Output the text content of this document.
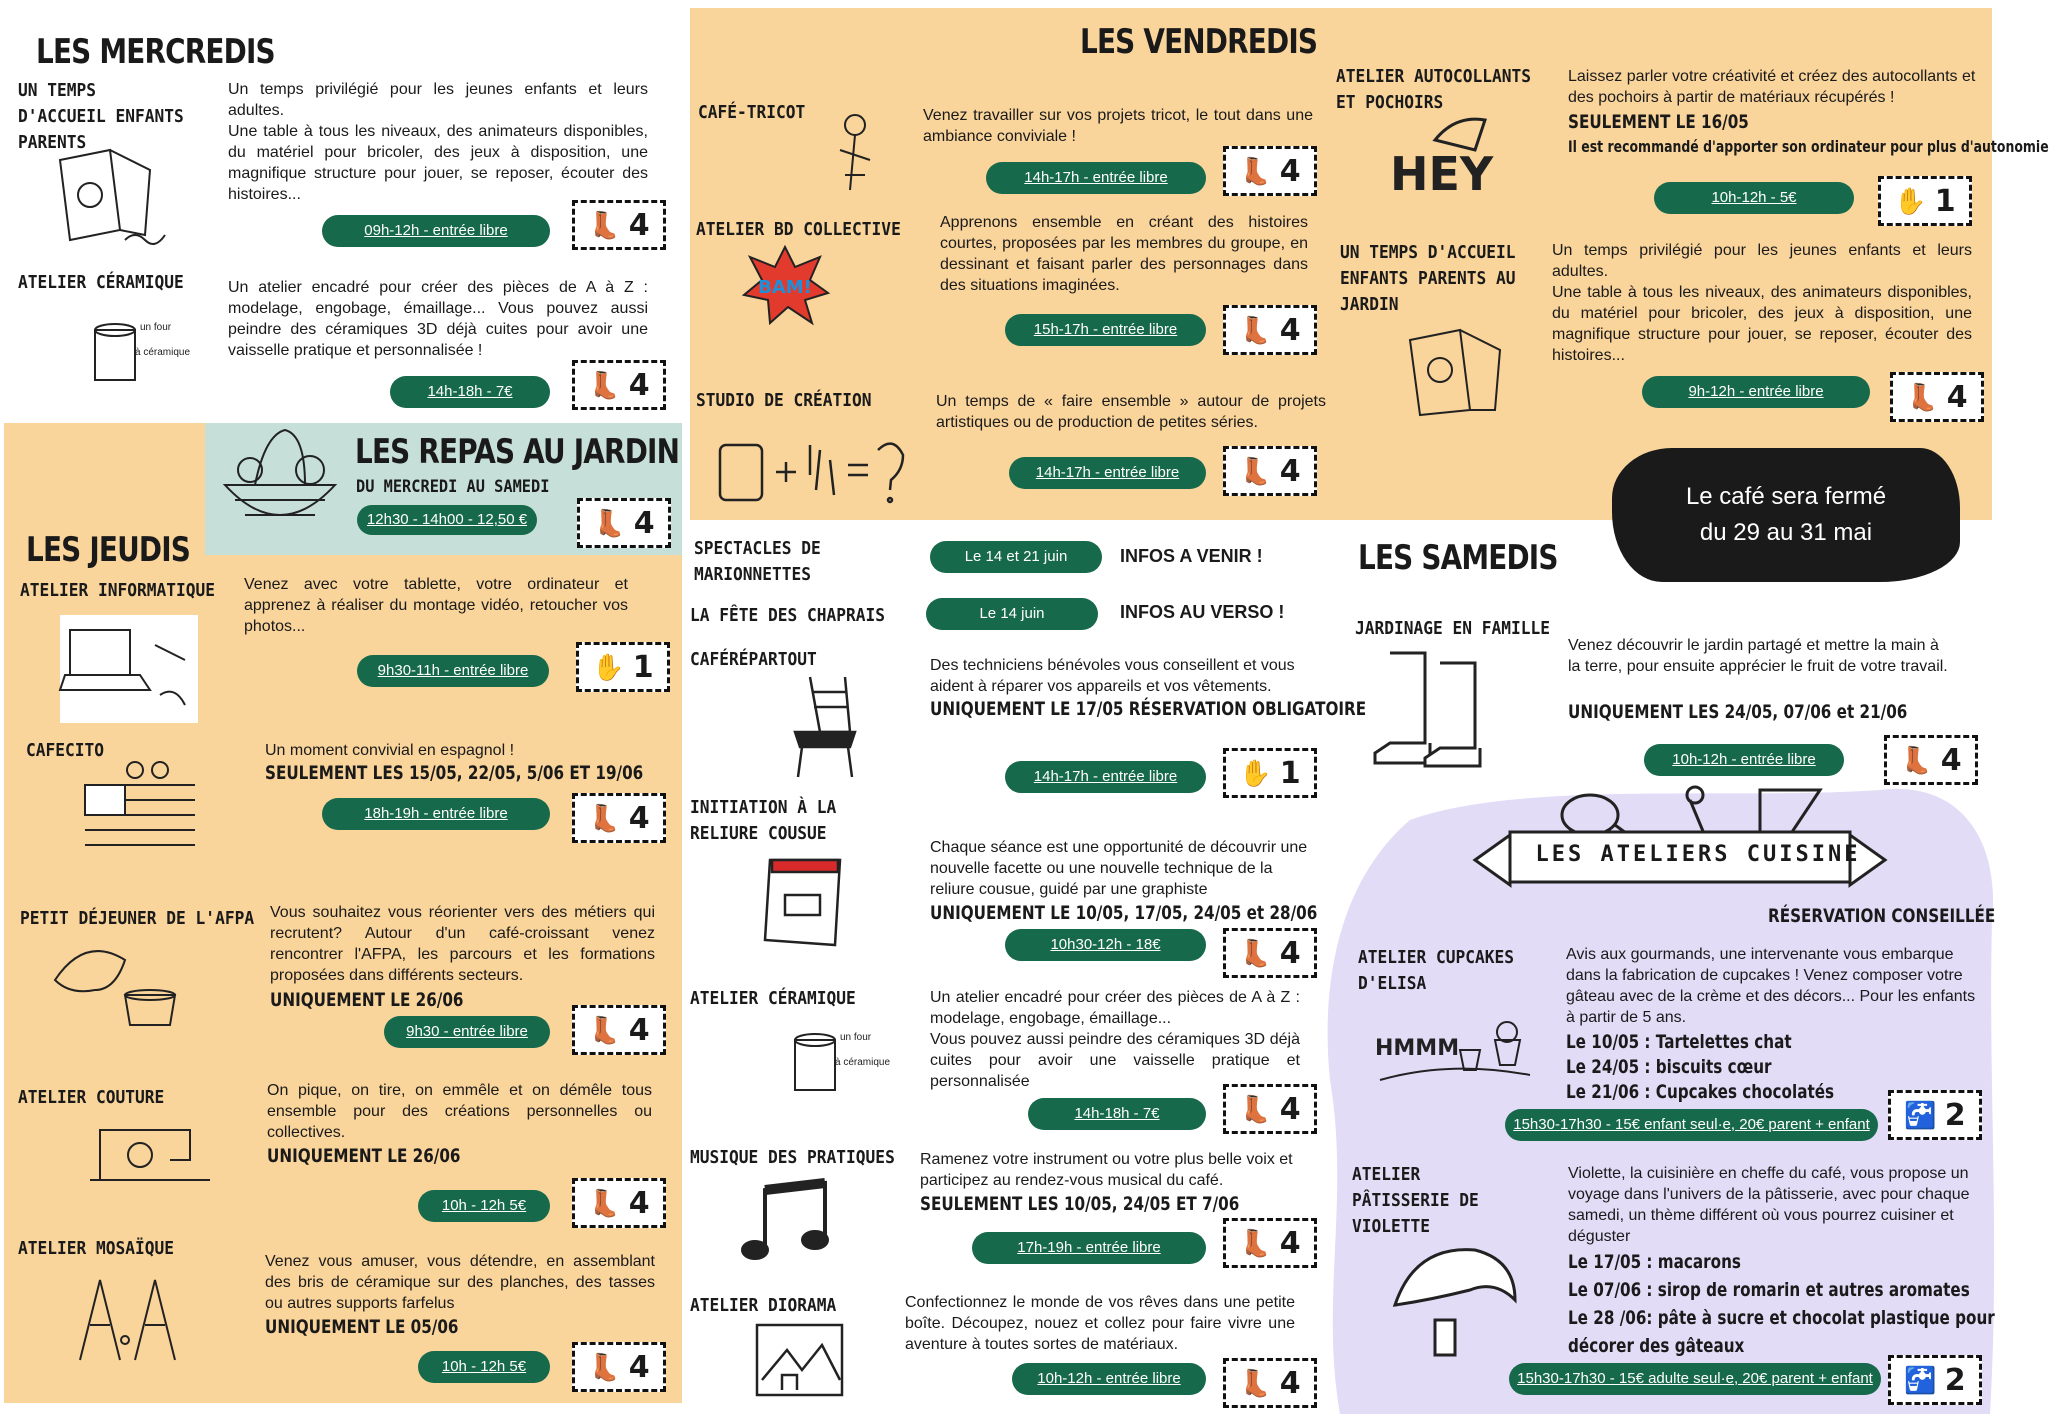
LES MERCREDIS
UN TEMPS D'ACCUEIL ENFANTS PARENTS
Un temps privilégié pour les jeunes enfants et leurs adultes.
Une table à tous les niveaux, des animateurs disponibles, du matériel pour bricoler, des jeux à disposition, une magnifique structure pour jouer, se reposer, écouter des histoires...
09h-12h - entrée libre	👢 4
ATELIER CÉRAMIQUE	Un atelier encadré pour créer des pièces de A à Z : modelage, engobage, émaillage... Vous pouvez aussi peindre des céramiques 3D déjà cuites pour avoir une vaisselle pratique et personnalisée !
un four
à céramique
14h-18h - 7€	👢 4
LES REPAS AU JARDIN
DU MERCREDI AU SAMEDI
12h30 - 14h00 - 12,50 €	👢 4
LES JEUDIS
ATELIER INFORMATIQUE	Venez avec votre tablette, votre ordinateur et apprenez à réaliser du montage vidéo, retoucher vos photos...
9h30-11h - entrée libre	✋ 1
CAFECITO	Un moment convivial en espagnol !
SEULEMENT LES 15/05, 22/05, 5/06 ET 19/06
18h-19h - entrée libre	👢 4
PETIT DÉJEUNER DE L'AFPA Vous souhaitez vous réorienter vers des métiers qui recrutent? Autour d'un café-croissant venez rencontrer l'AFPA, les parcours et les formations proposées dans différents secteurs.
UNIQUEMENT LE 26/06
9h30 - entrée libre	👢 4
ATELIER COUTURE	On pique, on tire, on emmêle et on démêle tous ensemble pour des créations personnelles ou collectives.
UNIQUEMENT LE 26/06
10h - 12h 5€	👢 4
ATELIER MOSAÏQUE
Venez vous amuser, vous détendre, en assemblant des bris de céramique sur des planches, des tasses ou autres supports farfelus
UNIQUEMENT LE 05/06
10h - 12h 5€	👢 4
LES VENDREDIS
CAFÉ-TRICOT	Venez travailler sur vos projets tricot, le tout dans une ambiance conviviale !
14h-17h - entrée libre	👢 4
ATELIER BD COLLECTIVE
BAM!
Apprenons ensemble en créant des histoires courtes, proposées par les membres du groupe, en dessinant et faisant parler des personnages dans des situations imaginées.
15h-17h - entrée libre	👢 4
STUDIO DE CRÉATION	Un temps de « faire ensemble » autour de projets artistiques ou de production de petites séries.
14h-17h - entrée libre	👢 4
ATELIER AUTOCOLLANTS ET POCHOIRS
HEY
Laissez parler votre créativité et créez des autocollants et des pochoirs à partir de matériaux récupérés !
SEULEMENT LE 16/05
Il est recommandé d'apporter son ordinateur pour plus d'autonomie
10h-12h - 5€	✋ 1
UN TEMPS D'ACCUEIL ENFANTS PARENTS AU JARDIN
Un temps privilégié pour les jeunes enfants et leurs adultes.
Une table à tous les niveaux, des animateurs disponibles, du matériel pour bricoler, des jeux à disposition, une magnifique structure pour jouer, se reposer, écouter des histoires...
9h-12h - entrée libre	👢 4
Le café sera fermé
du 29 au 31 mai
SPECTACLES DE MARIONNETTES
Le 14 et 21 juin	INFOS A VENIR !
LA FÊTE DES CHAPRAIS	Le 14 juin	INFOS AU VERSO !
CAFÉRÉPARTOUT	Des techniciens bénévoles vous conseillent et vous aident à réparer vos appareils et vos vêtements.
UNIQUEMENT LE 17/05 RÉSERVATION OBLIGATOIRE
14h-17h - entrée libre	✋ 1
INITIATION À LA RELIURE COUSUE
Chaque séance est une opportunité de découvrir une nouvelle facette ou une nouvelle technique de la reliure cousue, guidé par une graphiste
UNIQUEMENT LE 10/05, 17/05, 24/05 et 28/06
10h30-12h - 18€	👢 4
ATELIER CÉRAMIQUE
un four
à céramique
Un atelier encadré pour créer des pièces de A à Z : modelage, engobage, émaillage...
Vous pouvez aussi peindre des céramiques 3D déjà cuites pour avoir une vaisselle pratique et personnalisée
14h-18h - 7€	👢 4
MUSIQUE DES PRATIQUES Ramenez votre instrument ou votre plus belle voix et participez au rendez-vous musical du café.
SEULEMENT LES 10/05, 24/05 ET 7/06
17h-19h - entrée libre	👢 4
ATELIER DIORAMA	Confectionnez le monde de vos rêves dans une petite boîte. Découpez, nouez et collez pour faire vivre une aventure à toutes sortes de matériaux.
10h-12h - entrée libre	👢 4
LES SAMEDIS
JARDINAGE EN FAMILLE
Venez découvrir le jardin partagé et mettre la main à la terre, pour ensuite apprécier le fruit de votre travail.
UNIQUEMENT LES 24/05, 07/06 et 21/06
10h-12h - entrée libre	👢 4
LES ATELIERS CUISINE
RÉSERVATION CONSEILLÉE
ATELIER CUPCAKES D'ELISA
HMMM
Avis aux gourmands, une intervenante vous embarque dans la fabrication de cupcakes ! Venez composer votre gâteau avec de la crème et des décors... Pour les enfants à partir de 5 ans.
Le 10/05 : Tartelettes chat
Le 24/05 : biscuits cœur
Le 21/06 : Cupcakes chocolatés
15h30-17h30 - 15€ enfant seul·e, 20€ parent + enfant	🚰 2
ATELIER PÂTISSERIE DE VIOLETTE
Violette, la cuisinière en cheffe du café, vous propose un voyage dans l'univers de la pâtisserie, avec pour chaque samedi, un thème différent où vous pourrez cuisiner et déguster
Le 17/05 : macarons
Le 07/06 : sirop de romarin et autres aromates
Le 28 /06: pâte à sucre et chocolat plastique pour
décorer des gâteaux
15h30-17h30 - 15€ adulte seul·e, 20€ parent + enfant	🚰 2
